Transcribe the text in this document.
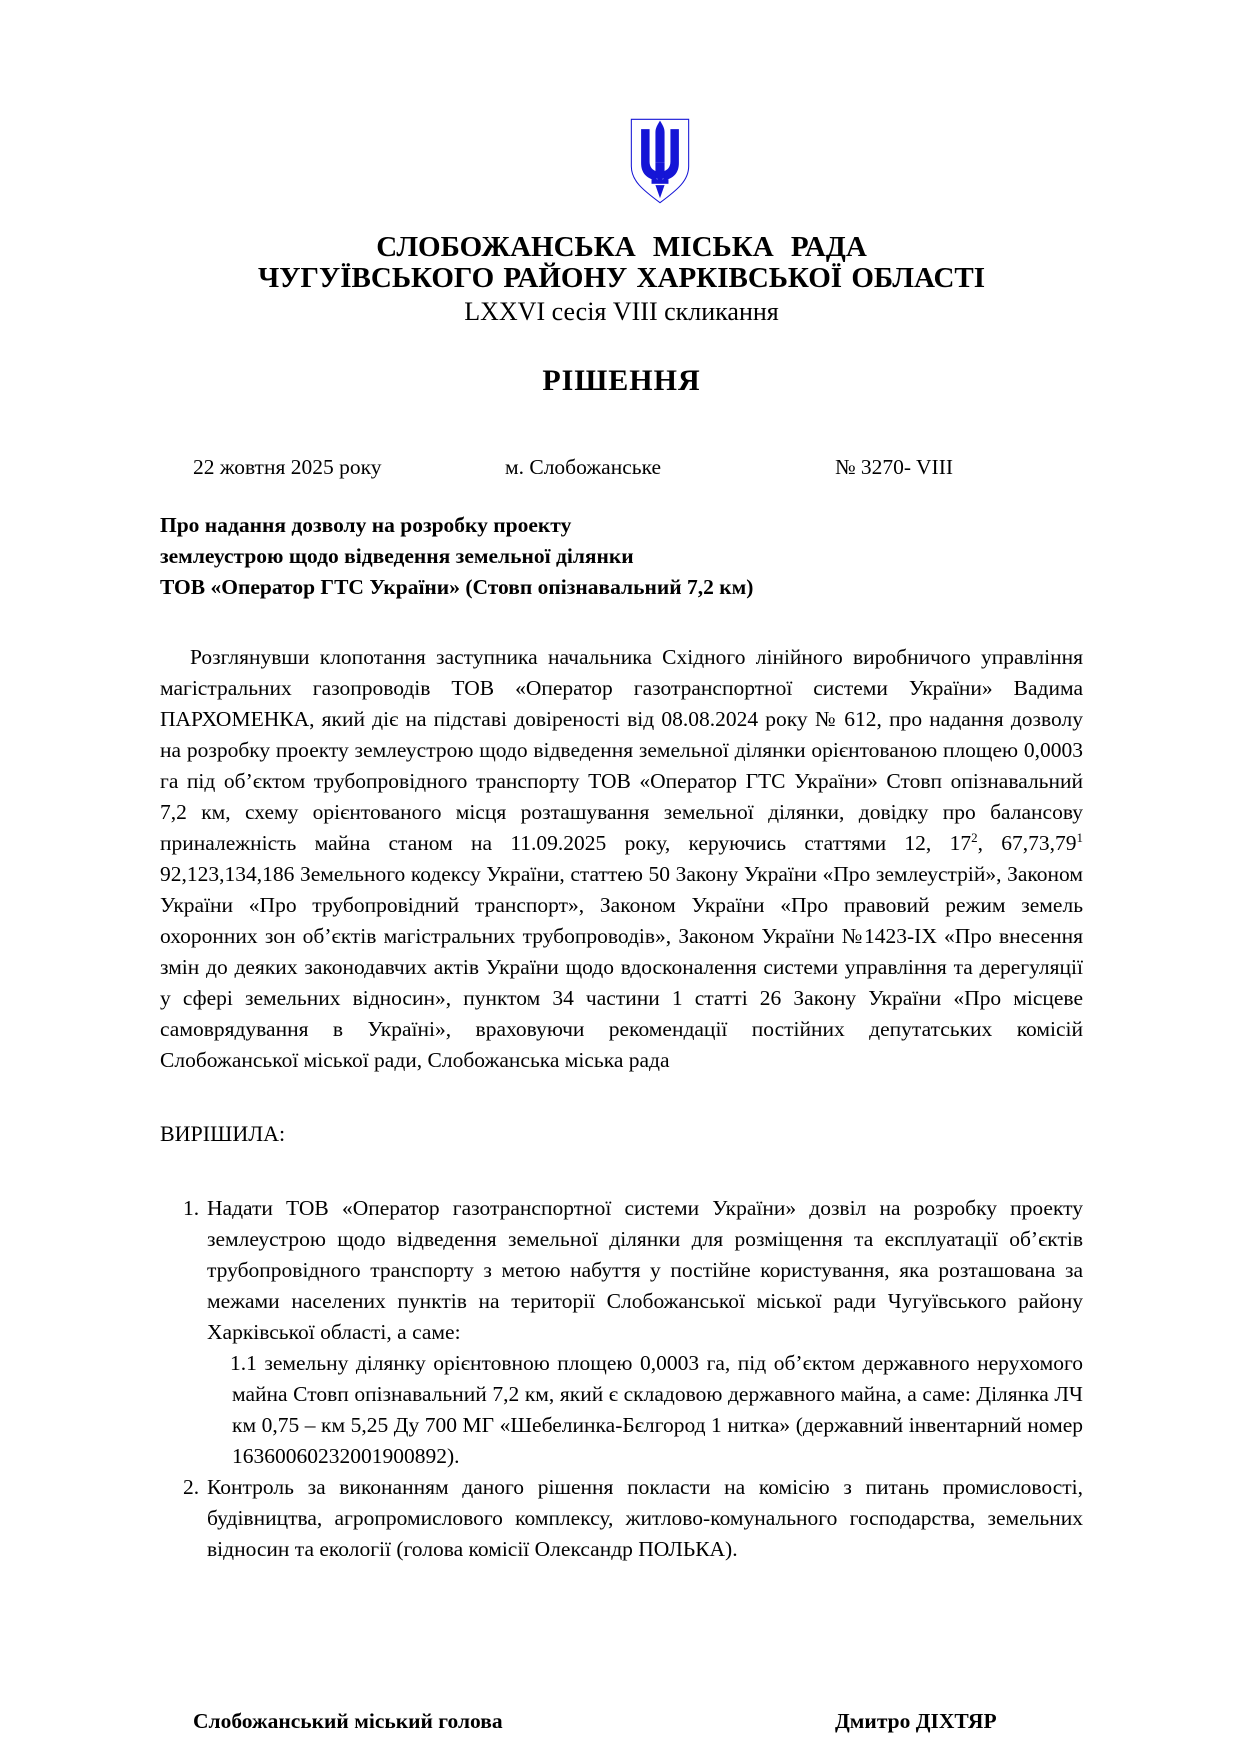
СЛОБОЖАНСЬКА МІСЬКА РАДА
ЧУГУЇВСЬКОГО РАЙОНУ ХАРКІВСЬКОЇ ОБЛАСТІ
LXXVI сесія VIII скликання
РІШЕННЯ
22 жовтня 2025 року	м. Слобожанське	№ 3270- VIII
Про надання дозволу на розробку проекту
землеустрою щодо відведення земельної ділянки
ТОВ «Оператор ГТС України» (Стовп опізнавальний 7,2 км)

Розглянувши клопотання заступника начальника Східного лінійного виробничого управління магістральних газопроводів ТОВ «Оператор газотранспортної системи України» Вадима ПАРХОМЕНКА, який діє на підставі довіреності від 08.08.2024 року № 612, про надання дозволу на розробку проекту землеустрою щодо відведення земельної ділянки орієнтованою площею 0,0003 га під об’єктом трубопровідного транспорту ТОВ «Оператор ГТС України» Стовп опізнавальний 7,2 км, схему орієнтованого місця розташування земельної ділянки, довідку про балансову приналежність майна станом на 11.09.2025 року, керуючись статтями 12, $17^2$, 67,73,79$^1$ 92,123,134,186 Земельного кодексу України, статтею 50 Закону України «Про землеустрій», Законом України «Про трубопровідний транспорт», Законом України «Про правовий режим земель охоронних зон об’єктів магістральних трубопроводів», Законом України №1423-ІХ «Про внесення змін до деяких законодавчих актів України щодо вдосконалення системи управління та дерегуляції у сфері земельних відносин», пунктом 34 частини 1 статті 26 Закону України «Про місцеве самоврядування в Україні», враховуючи рекомендації постійних депутатських комісій Слобожанської міської ради, Слобожанська міська рада

ВИРІШИЛА:
1. Надати ТОВ «Оператор газотранспортної системи України» дозвіл на розробку проекту землеустрою щодо відведення земельної ділянки для розміщення та експлуатації об’єктів трубопровідного транспорту з метою набуття у постійне користування, яка розташована за межами населених пунктів на території Слобожанської міської ради Чугуївського району Харківської області, а саме:
1.1 земельну ділянку орієнтовною площею 0,0003 га, під об’єктом державного нерухомого майна Стовп опізнавальний 7,2 км, який є складовою державного майна, а саме: Ділянка ЛЧ км 0,75 – км 5,25 Ду 700 МГ «Шебелинка-Бєлгород 1 нитка» (державний інвентарний номер 16360060232001900892).
2. Контроль за виконанням даного рішення покласти на комісію з питань промисловості, будівництва, агропромислового комплексу, житлово-комунального господарства, земельних відносин та екології (голова комісії Олександр ПОЛЬКА).
Слобожанський міський голова	Дмитро ДІХТЯР
